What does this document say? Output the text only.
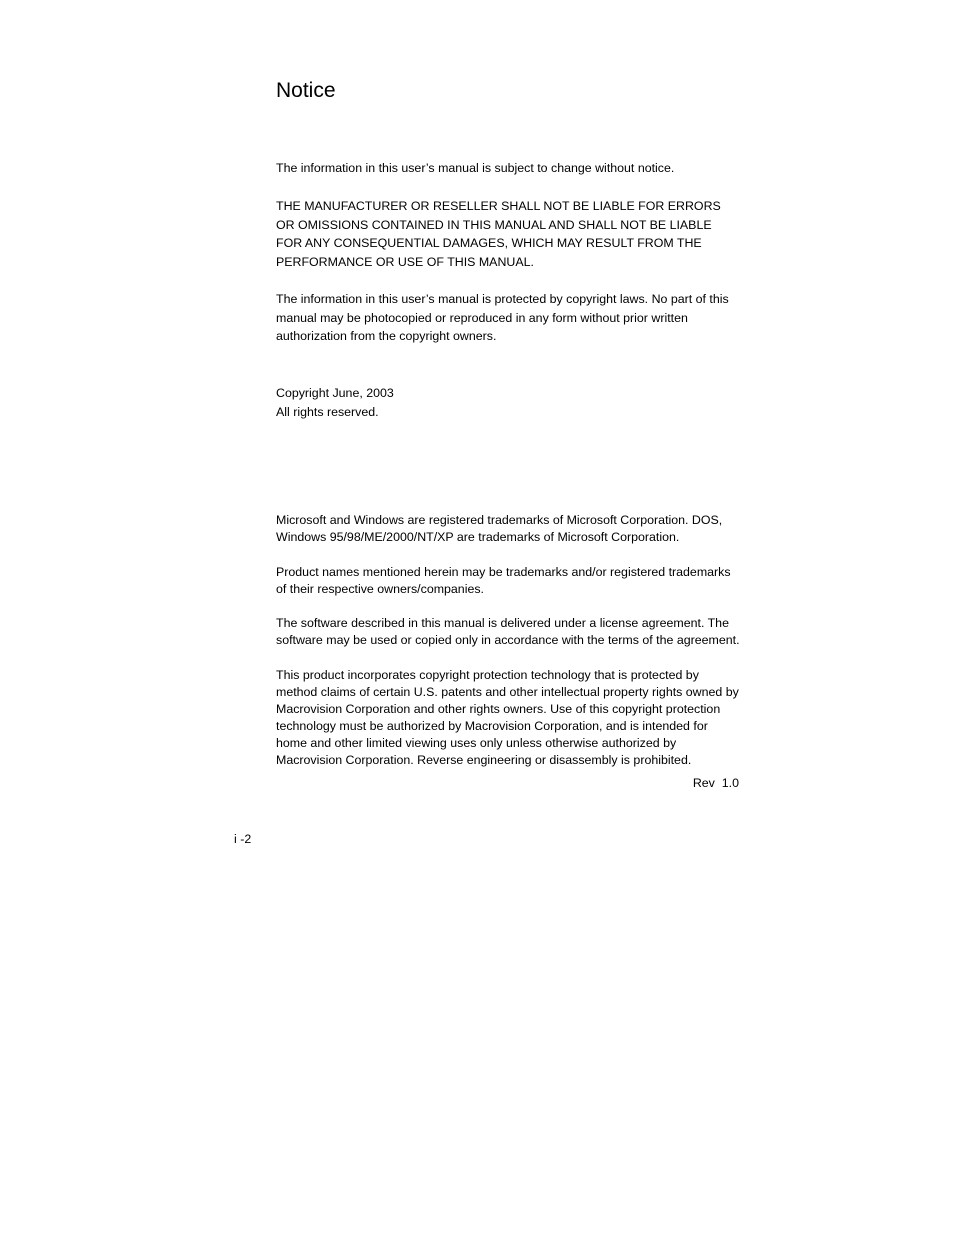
Notice

The information in this user’s manual is subject to change without notice.

THE MANUFACTURER OR RESELLER SHALL NOT BE LIABLE FOR ERRORS
OR OMISSIONS CONTAINED IN THIS MANUAL AND SHALL NOT BE LIABLE
FOR ANY CONSEQUENTIAL DAMAGES, WHICH MAY RESULT FROM THE
PERFORMANCE OR USE OF THIS MANUAL.

The information in this user’s manual is protected by copyright laws. No part of this
manual may be photocopied or reproduced in any form without prior written
authorization from the copyright owners.

Copyright June, 2003
All rights reserved.

Microsoft and Windows are registered trademarks of Microsoft Corporation. DOS,
Windows 95/98/ME/2000/NT/XP are trademarks of Microsoft Corporation.

Product names mentioned herein may be trademarks and/or registered trademarks
of their respective owners/companies.

The software described in this manual is delivered under a license agreement. The
software may be used or copied only in accordance with the terms of the agreement.

This product incorporates copyright protection technology that is protected by
method claims of certain U.S. patents and other intellectual property rights owned by
Macrovision Corporation and other rights owners. Use of this copyright protection
technology must be authorized by Macrovision Corporation, and is intended for
home and other limited viewing uses only unless otherwise authorized by
Macrovision Corporation. Reverse engineering or disassembly is prohibited.

Rev  1.0

i -2
